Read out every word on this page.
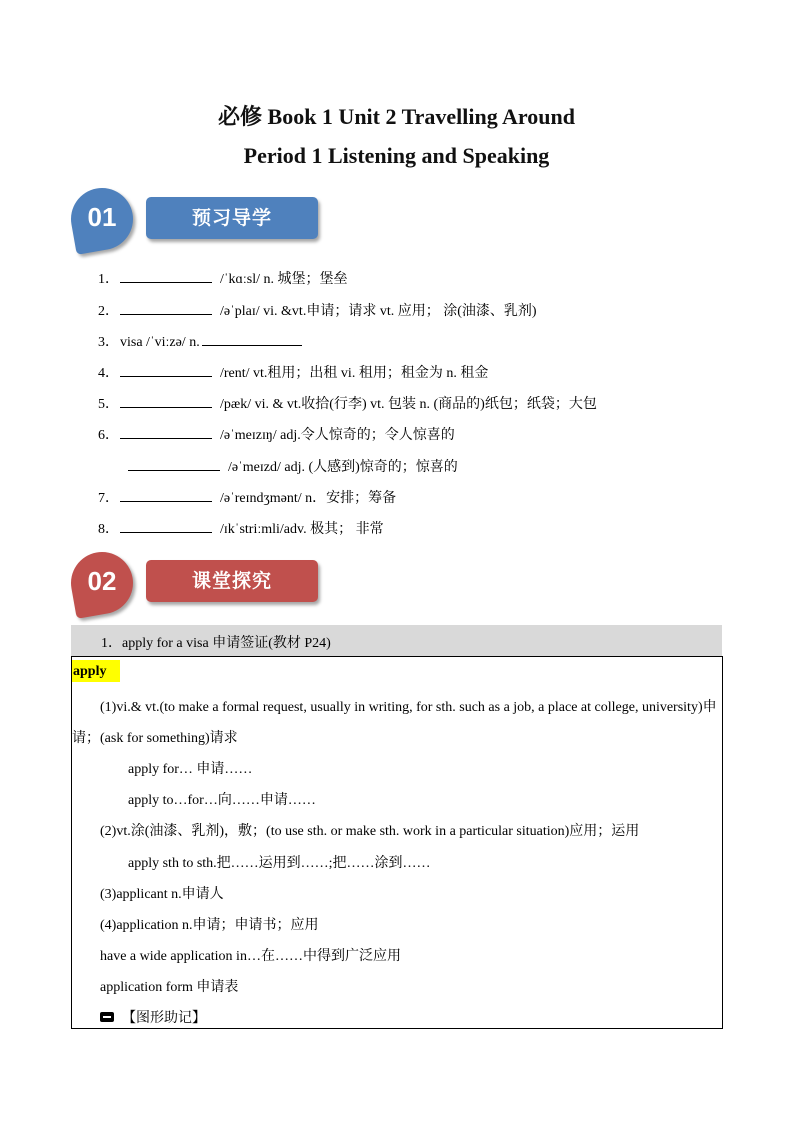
必修 Book 1 Unit 2 Travelling Around
Period 1 Listening and Speaking
01	预习导学
1．	/ˈkɑːsl/ n. 城堡；堡垒
2．	/əˈplaɪ/ vi. &vt.申请；请求 vt. 应用； 涂(油漆、乳剂)
3． visa /ˈviːzə/ n.
4．	/rent/ vt.租用；出租 vi. 租用；租金为 n. 租金
5．	/pæk/ vi. & vt.收拾(行李) vt. 包装 n. (商品的)纸包；纸袋；大包
6．	/əˈmeɪzɪŋ/ adj.令人惊奇的；令人惊喜的
/əˈmeɪzd/ adj. (人感到)惊奇的；惊喜的
7．	/əˈreɪndʒmənt/ n．安排；筹备
8．	/ɪkˈstriːmli/adv. 极其； 非常
02	课堂探究
1．apply for a visa 申请签证(教材 P24)
apply
(1)vi.& vt.(to make a formal request, usually in writing, for sth. such as a job, a place at college, university)申
请；(ask for something)请求
apply for… 申请……
apply to…for…向……申请……
(2)vt.涂(油漆、乳剂)，敷；(to use sth. or make sth. work in a particular situation)应用；运用
apply sth to sth.把……运用到……;把……涂到……
(3)applicant n.申请人
(4)application n.申请；申请书；应用
have a wide application in…在……中得到广泛应用
application form 申请表
【图形助记】
